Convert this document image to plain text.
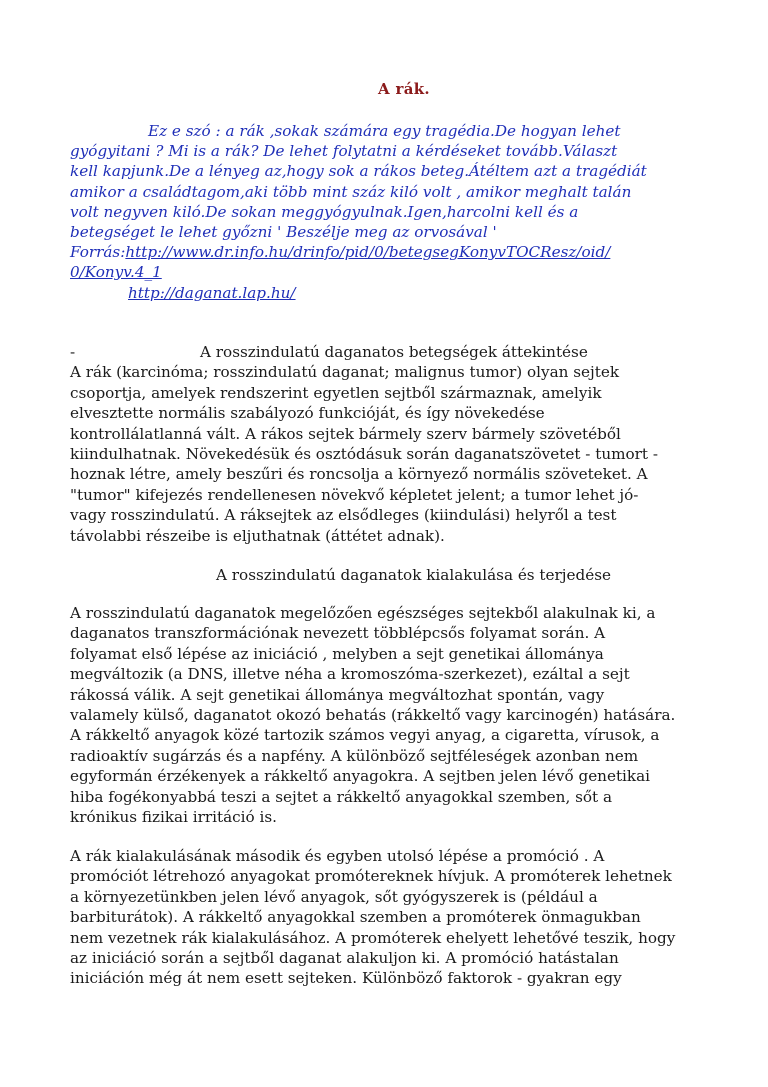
A rák.
Ez e szó : a rák ,sokak számára egy tragédia.De hogyan lehet
gyógyitani ? Mi is a rák? De lehet folytatni a kérdéseket tovább.Választ
kell kapjunk.De a lényeg az,hogy sok a rákos beteg.Átéltem azt a tragédiát
amikor a családtagom,aki több mint száz kiló volt , amikor meghalt talán
volt negyven kiló.De sokan meggyógyulnak.Igen,harcolni kell és a
betegséget le lehet győzni ' Beszélje meg az orvosával '
Forrás:http://www.dr.info.hu/drinfo/pid/0/betegsegKonyvTOCResz/oid/
0/Konyv.4_1
http://daganat.lap.hu/
-	A rosszindulatú daganatos betegségek áttekintése
A rák (karcinóma; rosszindulatú daganat; malignus tumor) olyan sejtek
csoportja, amelyek rendszerint egyetlen sejtből származnak, amelyik
elvesztette normális szabályozó funkcióját, és így növekedése
kontrollálatlanná vált. A rákos sejtek bármely szerv bármely szövetéből
kiindulhatnak. Növekedésük és osztódásuk során daganatszövetet - tumort -
hoznak létre, amely beszűri és roncsolja a környező normális szöveteket. A
"tumor" kifejezés rendellenesen növekvő képletet jelent; a tumor lehet jó-
vagy rosszindulatú. A ráksejtek az elsődleges (kiindulási) helyről a test
távolabbi részeibe is eljuthatnak (áttétet adnak).
A rosszindulatú daganatok kialakulása és terjedése
A rosszindulatú daganatok megelőzően egészséges sejtekből alakulnak ki, a
daganatos transzformációnak nevezett többlépcsős folyamat során. A
folyamat első lépése az iniciáció , melyben a sejt genetikai állománya
megváltozik (a DNS, illetve néha a kromoszóma-szerkezet), ezáltal a sejt
rákossá válik. A sejt genetikai állománya megváltozhat spontán, vagy
valamely külső, daganatot okozó behatás (rákkeltő vagy karcinogén) hatására.
A rákkeltő anyagok közé tartozik számos vegyi anyag, a cigaretta, vírusok, a
radioaktív sugárzás és a napfény. A különböző sejtféleségek azonban nem
egyformán érzékenyek a rákkeltő anyagokra. A sejtben jelen lévő genetikai
hiba fogékonyabbá teszi a sejtet a rákkeltő anyagokkal szemben, sőt a
krónikus fizikai irritáció is.
A rák kialakulásának második és egyben utolsó lépése a promóció . A
promóciót létrehozó anyagokat promótereknek hívjuk. A promóterek lehetnek
a környezetünkben jelen lévő anyagok, sőt gyógyszerek is (például a
barbiturátok). A rákkeltő anyagokkal szemben a promóterek önmagukban
nem vezetnek rák kialakulásához. A promóterek ehelyett lehetővé teszik, hogy
az iniciáció során a sejtből daganat alakuljon ki. A promóció hatástalan
iniciáción még át nem esett sejteken. Különböző faktorok - gyakran egy
